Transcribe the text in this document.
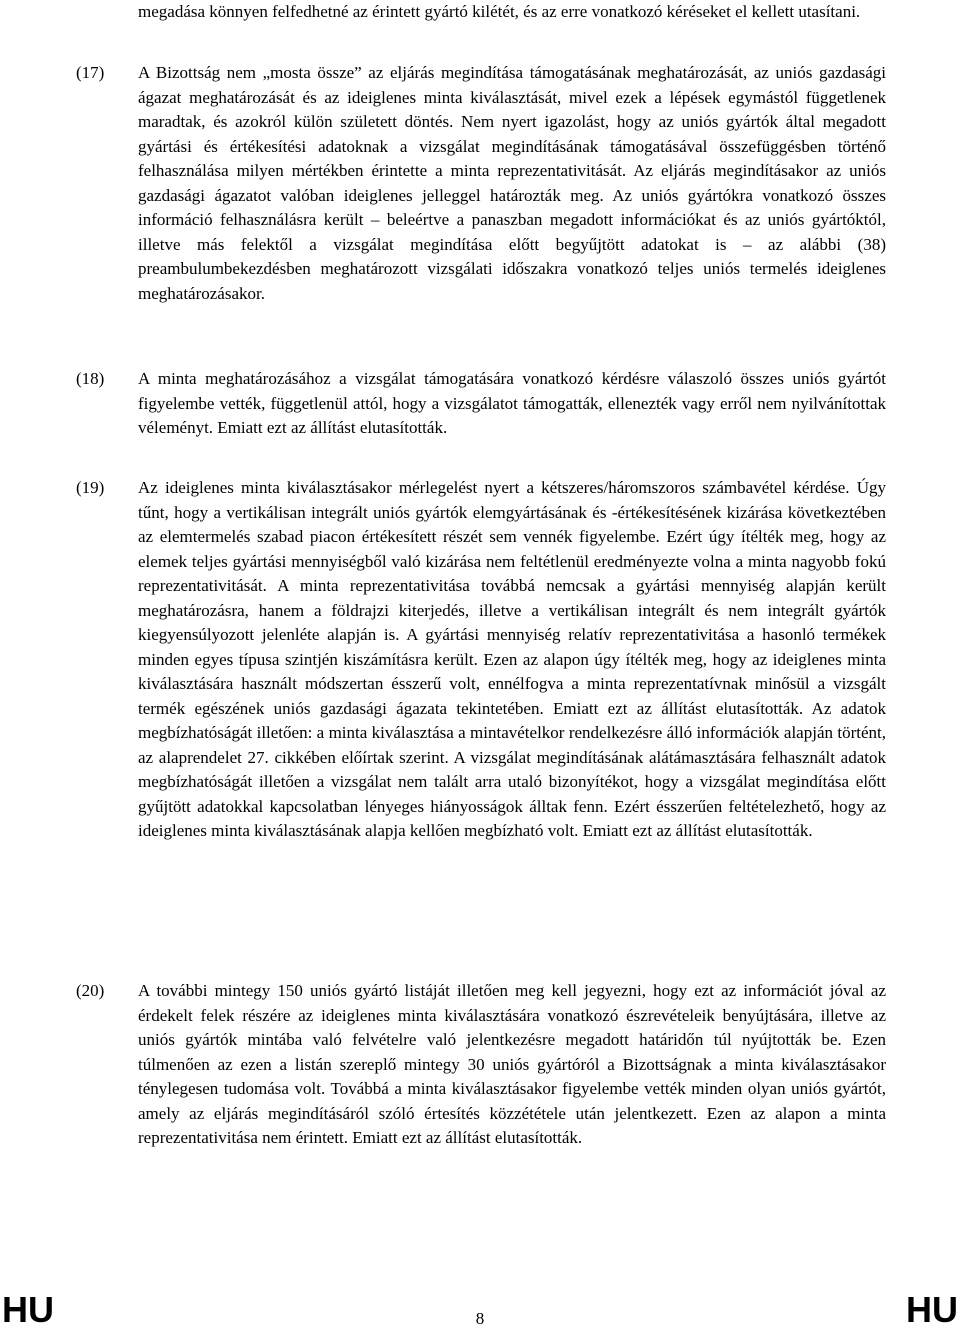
megadása könnyen felfedhetné az érintett gyártó kilétét, és az erre vonatkozó kéréseket el kellett utasítani.

(17) A Bizottság nem „mosta össze” az eljárás megindítása támogatásának meghatározását, az uniós gazdasági ágazat meghatározását és az ideiglenes minta kiválasztását, mivel ezek a lépések egymástól függetlenek maradtak, és azokról külön született döntés. Nem nyert igazolást, hogy az uniós gyártók által megadott gyártási és értékesítési adatoknak a vizsgálat megindításának támogatásával összefüggésben történő felhasználása milyen mértékben érintette a minta reprezentativitását. Az eljárás megindításakor az uniós gazdasági ágazatot valóban ideiglenes jelleggel határozták meg. Az uniós gyártókra vonatkozó összes információ felhasználásra került – beleértve a panaszban megadott információkat és az uniós gyártóktól, illetve más felektől a vizsgálat megindítása előtt begyűjtött adatokat is – az alábbi (38) preambulumbekezdésben meghatározott vizsgálati időszakra vonatkozó teljes uniós termelés ideiglenes meghatározásakor.

(18) A minta meghatározásához a vizsgálat támogatására vonatkozó kérdésre válaszoló összes uniós gyártót figyelembe vették, függetlenül attól, hogy a vizsgálatot támogatták, ellenezték vagy erről nem nyilvánítottak véleményt. Emiatt ezt az állítást elutasították.

(19) Az ideiglenes minta kiválasztásakor mérlegelést nyert a kétszeres/háromszoros számbavétel kérdése. Úgy tűnt, hogy a vertikálisan integrált uniós gyártók elemgyártásának és -értékesítésének kizárása következtében az elemtermelés szabad piacon értékesített részét sem vennék figyelembe. Ezért úgy ítélték meg, hogy az elemek teljes gyártási mennyiségből való kizárása nem feltétlenül eredményezte volna a minta nagyobb fokú reprezentativitását. A minta reprezentativitása továbbá nemcsak a gyártási mennyiség alapján került meghatározásra, hanem a földrajzi kiterjedés, illetve a vertikálisan integrált és nem integrált gyártók kiegyensúlyozott jelenléte alapján is. A gyártási mennyiség relatív reprezentativitása a hasonló termékek minden egyes típusa szintjén kiszámításra került. Ezen az alapon úgy ítélték meg, hogy az ideiglenes minta kiválasztására használt módszertan ésszerű volt, ennélfogva a minta reprezentatívnak minősül a vizsgált termék egészének uniós gazdasági ágazata tekintetében. Emiatt ezt az állítást elutasították. Az adatok megbízhatóságát illetően: a minta kiválasztása a mintavételkor rendelkezésre álló információk alapján történt, az alaprendelet 27. cikkében előírtak szerint. A vizsgálat megindításának alátámasztására felhasznált adatok megbízhatóságát illetően a vizsgálat nem talált arra utaló bizonyítékot, hogy a vizsgálat megindítása előtt gyűjtött adatokkal kapcsolatban lényeges hiányosságok álltak fenn. Ezért ésszerűen feltételezhető, hogy az ideiglenes minta kiválasztásának alapja kellően megbízható volt. Emiatt ezt az állítást elutasították.

(20) A további mintegy 150 uniós gyártó listáját illetően meg kell jegyezni, hogy ezt az információt jóval az érdekelt felek részére az ideiglenes minta kiválasztására vonatkozó észrevételeik benyújtására, illetve az uniós gyártók mintába való felvételre való jelentkezésre megadott határidőn túl nyújtották be. Ezen túlmenően az ezen a listán szereplő mintegy 30 uniós gyártóról a Bizottságnak a minta kiválasztásakor ténylegesen tudomása volt. Továbbá a minta kiválasztásakor figyelembe vették minden olyan uniós gyártót, amely az eljárás megindításáról szóló értesítés közzététele után jelentkezett. Ezen az alapon a minta reprezentativitása nem érintett. Emiatt ezt az állítást elutasították.

HU	8	HU
